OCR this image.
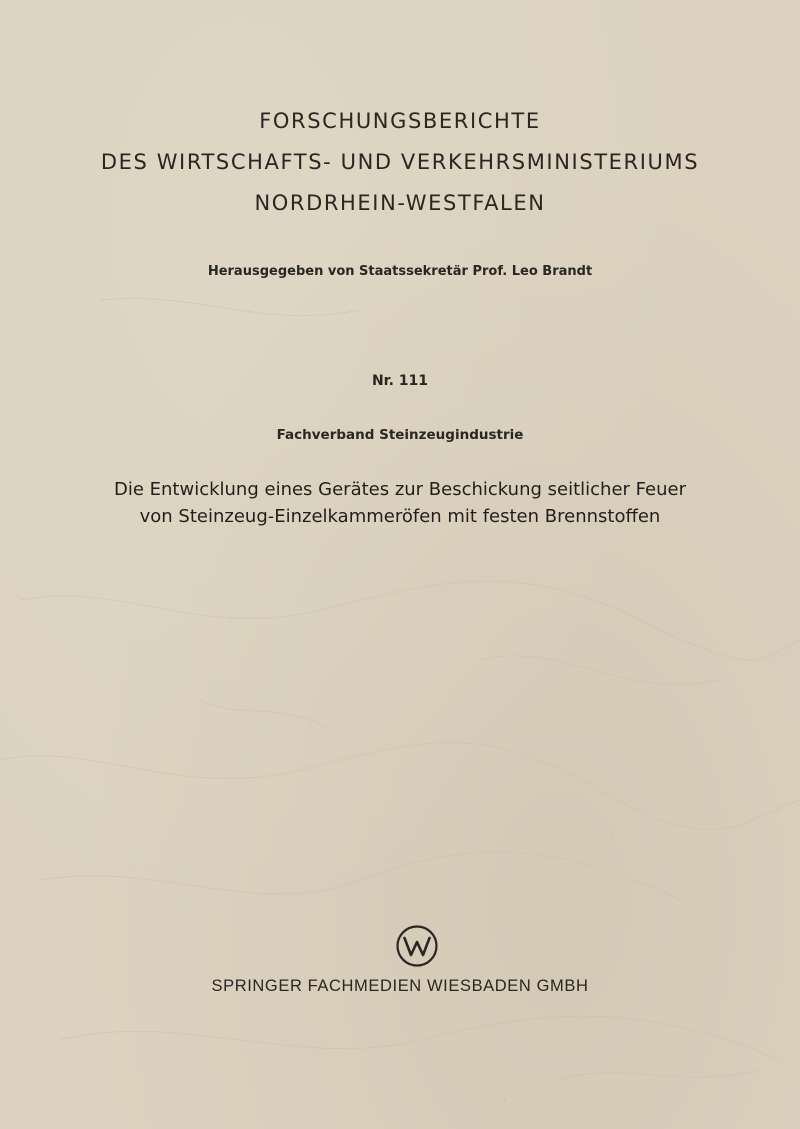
FORSCHUNGSBERICHTE
DES WIRTSCHAFTS- UND VERKEHRSMINISTERIUMS
NORDRHEIN-WESTFALEN
Herausgegeben von Staatssekretär Prof. Leo Brandt
Nr. 111
Fachverband Steinzeugindustrie
Die Entwicklung eines Gerätes zur Beschickung seitlicher Feuer
von Steinzeug-Einzelkammeröfen mit festen Brennstoffen
SPRINGER FACHMEDIEN WIESBADEN GMBH
